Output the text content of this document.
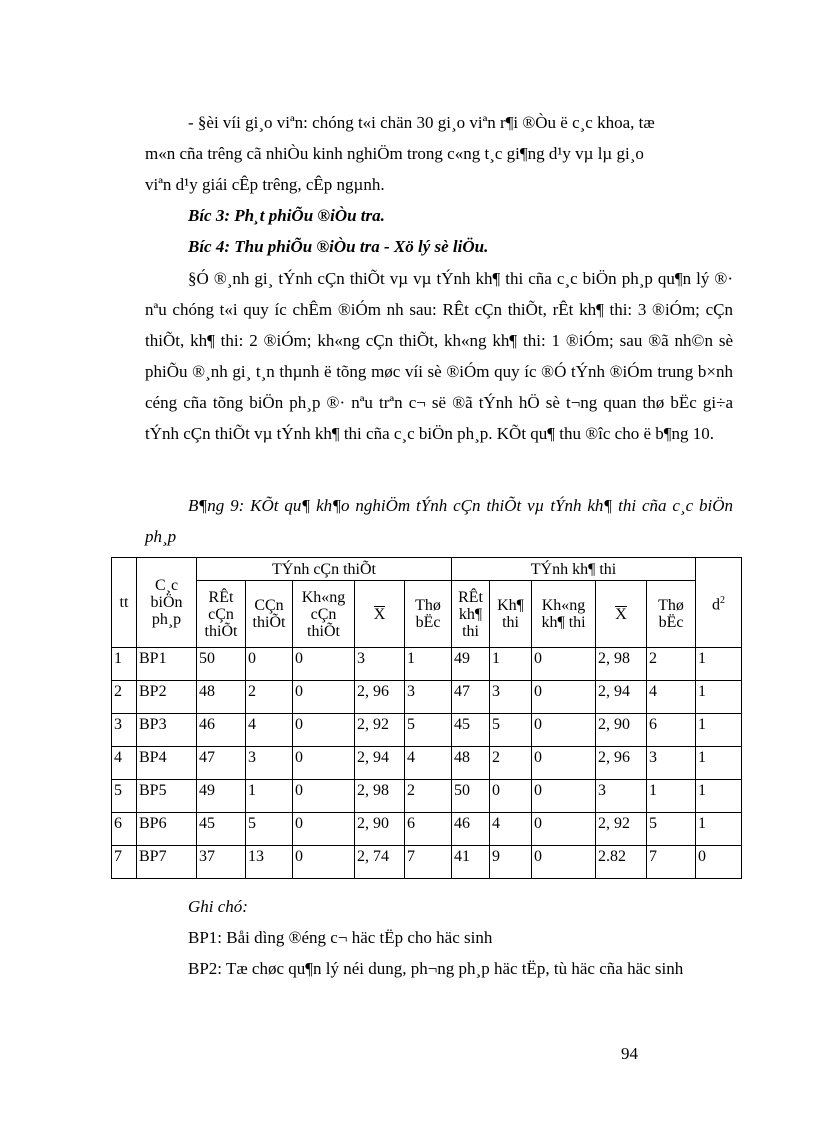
- §èi víi gi¸o viªn: chóng t«i chän 30 gi¸o viªn r¶i ®Òu ë c¸c khoa, tæ
m«n cña trêng cã nhiÒu kinh nghiÖm trong c«ng t¸c gi¶ng d¹y vµ lµ gi¸o
viªn d¹y giái cÊp trêng, cÊp ngµnh.
Bíc 3: Ph¸t phiÕu ®iÒu tra.
Bíc 4: Thu phiÕu ®iÒu tra - Xö lý sè liÖu.

§Ó ®¸nh gi¸ tÝnh cÇn thiÕt vµ vµ tÝnh kh¶ thi cña c¸c biÖn ph¸p qu¶n lý ®· nªu chóng t«i quy íc chÊm ®iÓm nh sau: RÊt cÇn thiÕt, rÊt kh¶ thi: 3 ®iÓm; cÇn thiÕt, kh¶ thi: 2 ®iÓm; kh«ng cÇn thiÕt, kh«ng kh¶ thi: 1 ®iÓm; sau ®ã nh©n sè phiÕu ®¸nh gi¸ t¸n thµnh ë tõng møc víi sè ®iÓm quy íc ®Ó tÝnh ®iÓm trung b×nh céng cña tõng biÖn ph¸p ®· nªu trªn c¬ së ®ã tÝnh hÖ sè t¬ng quan thø bËc gi÷a tÝnh cÇn thiÕt vµ tÝnh kh¶ thi cña c¸c biÖn ph¸p. KÕt qu¶ thu ®îc cho ë b¶ng 10.

B¶ng 9: KÕt qu¶ kh¶o nghiÖm tÝnh cÇn thiÕt vµ tÝnh kh¶ thi cña c¸c biÖn ph¸p

tt	C¸c biÖn ph¸p	TÝnh cÇn thiÕt					TÝnh kh¶ thi					$d^2$
		RÊt cÇn thiÕt	CÇn thiÕt	Kh«ng cÇn thiÕt	X	Thø bËc	RÊt kh¶ thi	Kh¶ thi	Kh«ng kh¶ thi	X	Thø bËc	
1	BP1	50	0	0	3	1	49	1	0	2, 98	2	1
2	BP2	48	2	0	2, 96	3	47	3	0	2, 94	4	1
3	BP3	46	4	0	2, 92	5	45	5	0	2, 90	6	1
4	BP4	47	3	0	2, 94	4	48	2	0	2, 96	3	1
5	BP5	49	1	0	2, 98	2	50	0	0	3	1	1
6	BP6	45	5	0	2, 90	6	46	4	0	2, 92	5	1
7	BP7	37	13	0	2, 74	7	41	9	0	2.82	7	0
Ghi chó:
BP1: Båi dìng ®éng c¬ häc tËp cho häc sinh
BP2: Tæ chøc qu¶n lý néi dung, ph¬ng ph¸p häc tËp, tù häc cña häc sinh
94
